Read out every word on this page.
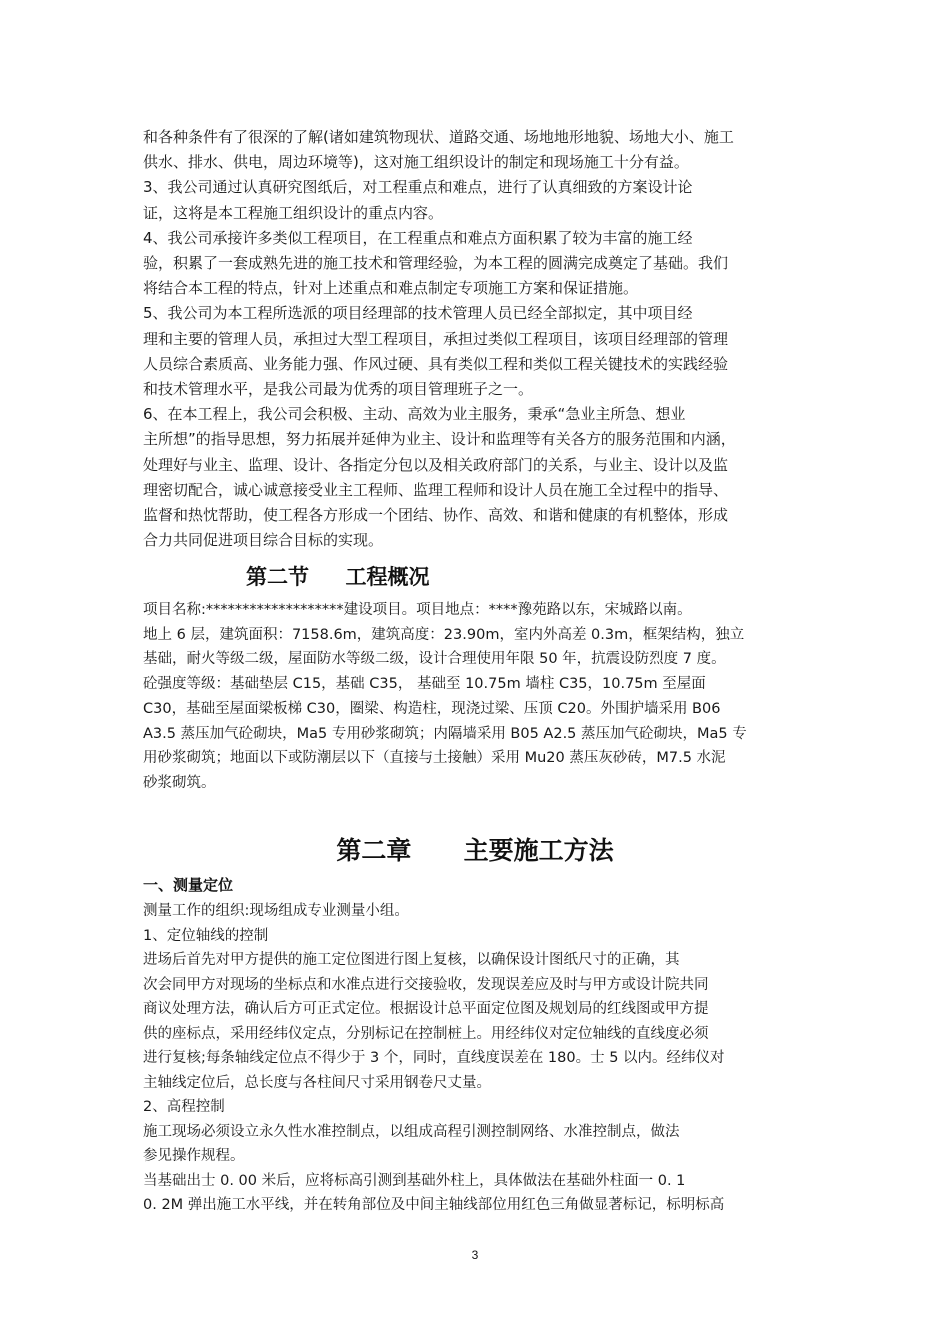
和各种条件有了很深的了解(诸如建筑物现状、道路交通、场地地形地貌、场地大小、施工
供水、排水、供电，周边环境等)，这对施工组织设计的制定和现场施工十分有益。
3、我公司通过认真研究图纸后，对工程重点和难点，进行了认真细致的方案设计论
证，这将是本工程施工组织设计的重点内容。
4、我公司承接许多类似工程项目，在工程重点和难点方面积累了较为丰富的施工经
验，积累了一套成熟先进的施工技术和管理经验，为本工程的圆满完成奠定了基础。我们
将结合本工程的特点，针对上述重点和难点制定专项施工方案和保证措施。
5、我公司为本工程所选派的项目经理部的技术管理人员已经全部拟定，其中项目经
理和主要的管理人员，承担过大型工程项目，承担过类似工程项目，该项目经理部的管理
人员综合素质高、业务能力强、作风过硬、具有类似工程和类似工程关键技术的实践经验
和技术管理水平，是我公司最为优秀的项目管理班子之一。
6、在本工程上，我公司会积极、主动、高效为业主服务，秉承“急业主所急、想业
主所想”的指导思想，努力拓展并延伸为业主、设计和监理等有关各方的服务范围和内涵，
处理好与业主、监理、设计、各指定分包以及相关政府部门的关系，与业主、设计以及监
理密切配合，诚心诚意接受业主工程师、监理工程师和设计人员在施工全过程中的指导、
监督和热忱帮助，使工程各方形成一个团结、协作、高效、和谐和健康的有机整体，形成
合力共同促进项目综合目标的实现。
第二节     工程概况
项目名称:*******************建设项目。项目地点：****豫苑路以东，宋城路以南。
地上 6 层，建筑面积：7158.6m，建筑高度：23.90m，室内外高差 0.3m，框架结构，独立
基础，耐火等级二级，屋面防水等级二级，设计合理使用年限 50 年，抗震设防烈度 7 度。
砼强度等级：基础垫层 C15，基础 C35， 基础至 10.75m 墙柱 C35，10.75m 至屋面
C30，基础至屋面梁板梯 C30，圈梁、构造柱，现浇过梁、压顶 C20。外围护墙采用 B06
A3.5 蒸压加气砼砌块，Ma5 专用砂浆砌筑；内隔墙采用 B05 A2.5 蒸压加气砼砌块，Ma5 专
用砂浆砌筑；地面以下或防潮层以下（直接与土接触）采用 Mu20 蒸压灰砂砖，M7.5 水泥
砂浆砌筑。
第二章      主要施工方法
一、测量定位
测量工作的组织:现场组成专业测量小组。
1、定位轴线的控制
进场后首先对甲方提供的施工定位图进行图上复核，以确保设计图纸尺寸的正确，其
次会同甲方对现场的坐标点和水准点进行交接验收，发现误差应及时与甲方或设计院共同
商议处理方法，确认后方可正式定位。根据设计总平面定位图及规划局的红线图或甲方提
供的座标点，采用经纬仪定点，分别标记在控制桩上。用经纬仪对定位轴线的直线度必须
进行复核;每条轴线定位点不得少于 3 个，同时，直线度误差在 180。士 5 以内。经纬仪对
主轴线定位后，总长度与各柱间尺寸采用钢卷尺丈量。
2、高程控制
施工现场必须设立永久性水准控制点，以组成高程引测控制网络、水准控制点，做法
参见操作规程。
当基础出士 0. 00 米后，应将标高引测到基础外柱上，具体做法在基础外柱面一 0. 1
0. 2M 弹出施工水平线，并在转角部位及中间主轴线部位用红色三角做显著标记，标明标高
3
